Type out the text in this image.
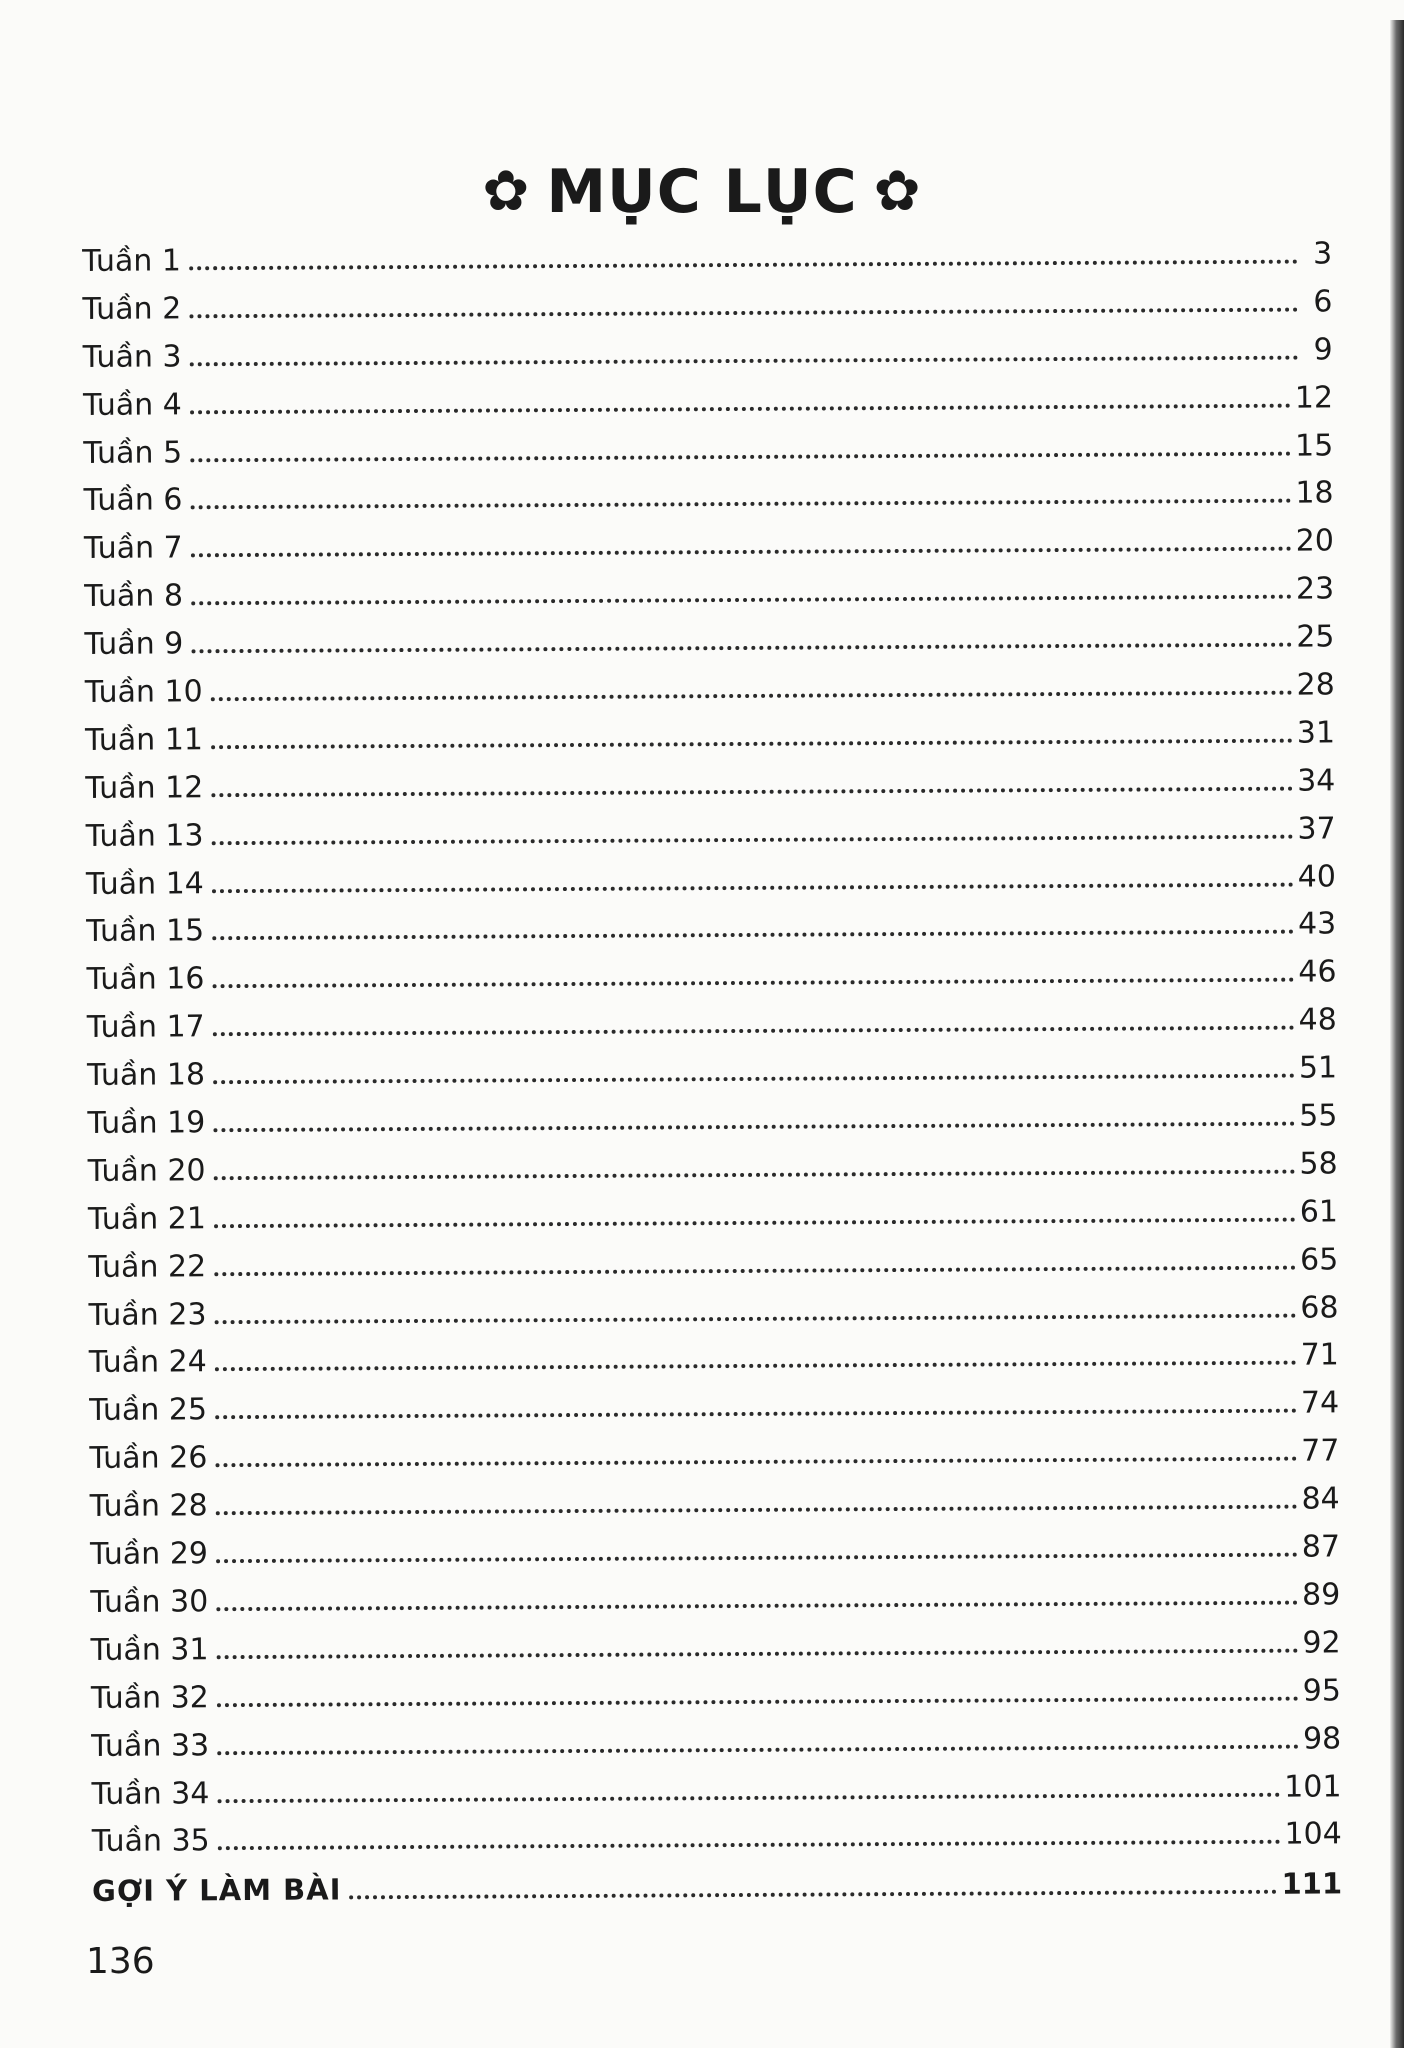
✿ MỤC LỤC ✿
Tuần 1	3
Tuần 2	6
Tuần 3	9
Tuần 4	12
Tuần 5	15
Tuần 6	18
Tuần 7	20
Tuần 8	23
Tuần 9	25
Tuần 10	28
Tuần 11	31
Tuần 12	34
Tuần 13	37
Tuần 14	40
Tuần 15	43
Tuần 16	46
Tuần 17	48
Tuần 18	51
Tuần 19	55
Tuần 20	58
Tuần 21	61
Tuần 22	65
Tuần 23	68
Tuần 24	71
Tuần 25	74
Tuần 26	77
Tuần 28	84
Tuần 29	87
Tuần 30	89
Tuần 31	92
Tuần 32	95
Tuần 33	98
Tuần 34	101
Tuần 35	104
GỢI Ý LÀM BÀI	111
136
